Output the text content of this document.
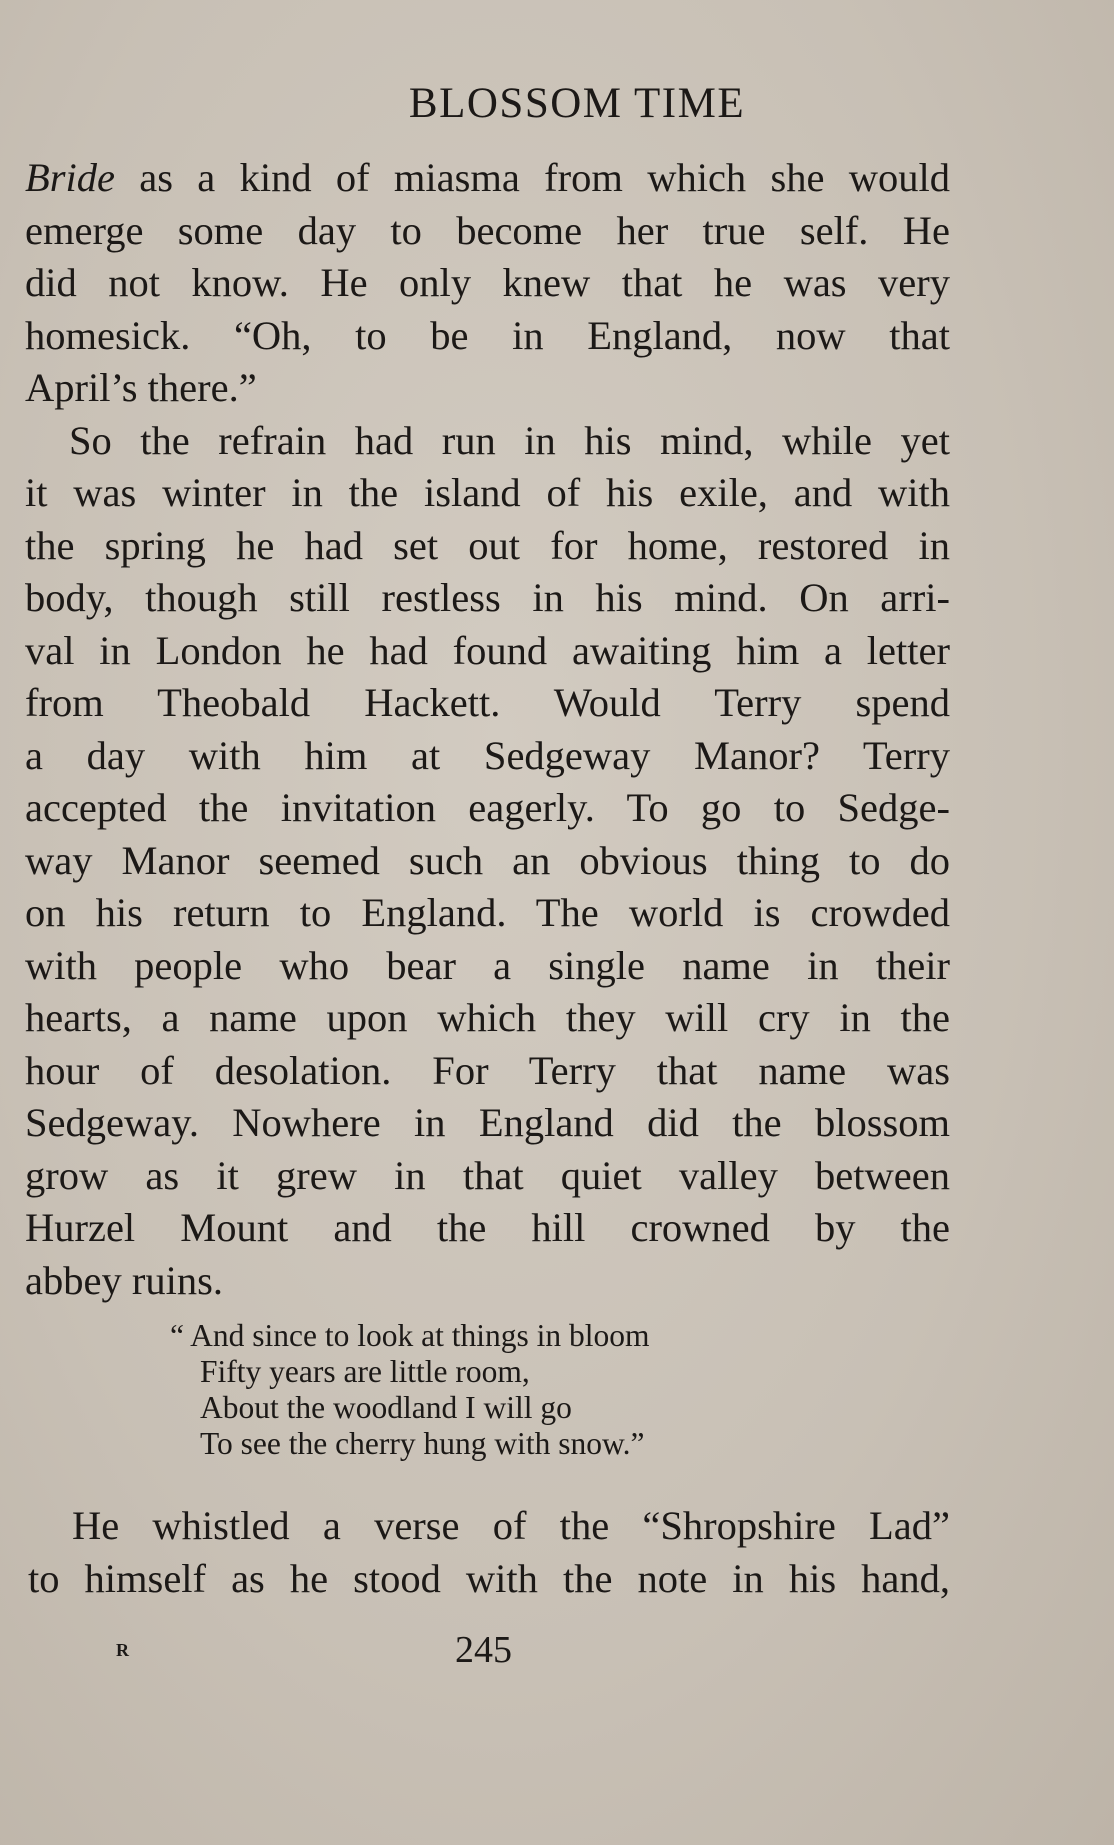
BLOSSOM TIME

Bride as a kind of miasma from which she would
emerge some day to become her true self. He
did not know. He only knew that he was very
homesick. “Oh, to be in England, now that
April’s there.”

So the refrain had run in his mind, while yet
it was winter in the island of his exile, and with
the spring he had set out for home, restored in
body, though still restless in his mind. On arri-
val in London he had found awaiting him a letter
from Theobald Hackett. Would Terry spend
a day with him at Sedgeway Manor? Terry
accepted the invitation eagerly. To go to Sedge-
way Manor seemed such an obvious thing to do
on his return to England. The world is crowded
with people who bear a single name in their
hearts, a name upon which they will cry in the
hour of desolation. For Terry that name was
Sedgeway. Nowhere in England did the blossom
grow as it grew in that quiet valley between
Hurzel Mount and the hill crowned by the
abbey ruins.

“ And since to look at things in bloom
Fifty years are little room,
About the woodland I will go
To see the cherry hung with snow.”
He whistled a verse of the “Shropshire Lad”
to himself as he stood with the note in his hand,
R	245
